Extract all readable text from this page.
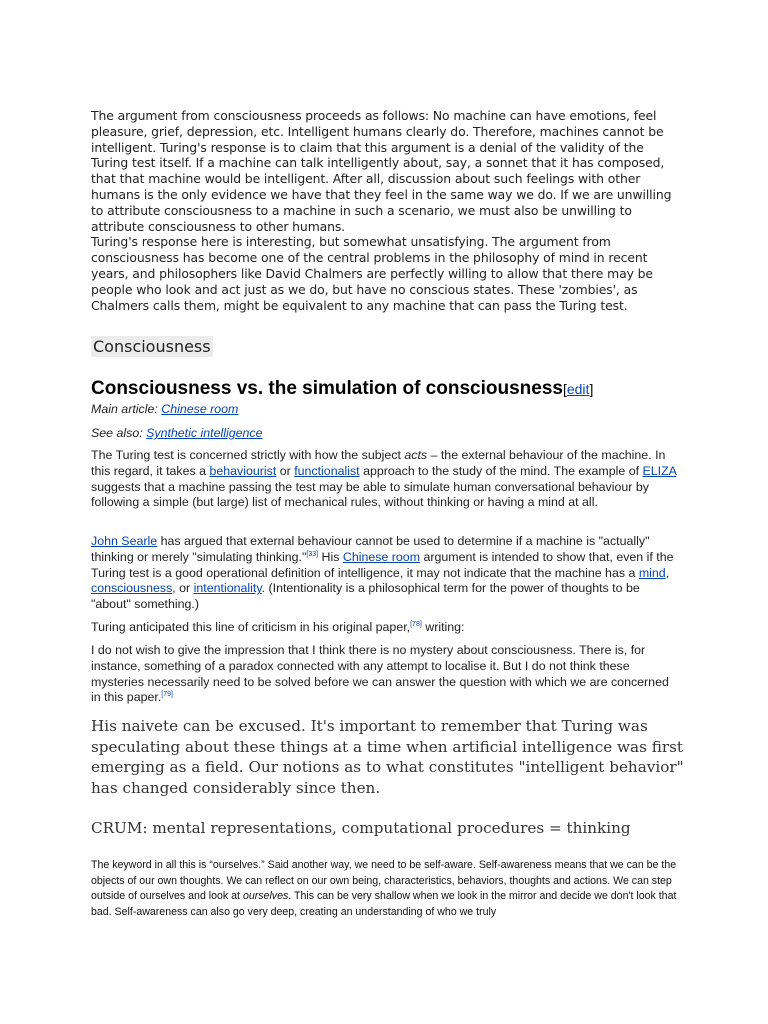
The argument from consciousness proceeds as follows: No machine can have emotions, feel pleasure, grief, depression, etc. Intelligent humans clearly do. Therefore, machines cannot be intelligent. Turing's response is to claim that this argument is a denial of the validity of the Turing test itself. If a machine can talk intelligently about, say, a sonnet that it has composed, that that machine would be intelligent. After all, discussion about such feelings with other humans is the only evidence we have that they feel in the same way we do. If we are unwilling to attribute consciousness to a machine in such a scenario, we must also be unwilling to attribute consciousness to other humans.

Turing's response here is interesting, but somewhat unsatisfying. The argument from consciousness has become one of the central problems in the philosophy of mind in recent years, and philosophers like David Chalmers are perfectly willing to allow that there may be people who look and act just as we do, but have no conscious states. These 'zombies', as Chalmers calls them, might be equivalent to any machine that can pass the Turing test.

Consciousness
Consciousness vs. the simulation of consciousness[edit]

Main article: Chinese room

See also: Synthetic intelligence

The Turing test is concerned strictly with how the subject acts – the external behaviour of the machine. In this regard, it takes a behaviourist or functionalist approach to the study of the mind. The example of ELIZA suggests that a machine passing the test may be able to simulate human conversational behaviour by following a simple (but large) list of mechanical rules, without thinking or having a mind at all.

John Searle has argued that external behaviour cannot be used to determine if a machine is "actually" thinking or merely "simulating thinking."[33] His Chinese room argument is intended to show that, even if the Turing test is a good operational definition of intelligence, it may not indicate that the machine has a mind, consciousness, or intentionality. (Intentionality is a philosophical term for the power of thoughts to be "about" something.)

Turing anticipated this line of criticism in his original paper,[78] writing:

I do not wish to give the impression that I think there is no mystery about consciousness. There is, for instance, something of a paradox connected with any attempt to localise it. But I do not think these mysteries necessarily need to be solved before we can answer the question with which we are concerned in this paper.[79]

His naivete can be excused. It's important to remember that Turing was speculating about these things at a time when artificial intelligence was first emerging as a field. Our notions as to what constitutes "intelligent behavior" has changed considerably since then.

CRUM: mental representations, computational procedures = thinking

The keyword in all this is “ourselves.” Said another way, we need to be self-aware. Self-awareness means that we can be the objects of our own thoughts. We can reflect on our own being, characteristics, behaviors, thoughts and actions. We can step outside of ourselves and look at ourselves. This can be very shallow when we look in the mirror and decide we don't look that bad. Self-awareness can also go very deep, creating an understanding of who we truly
